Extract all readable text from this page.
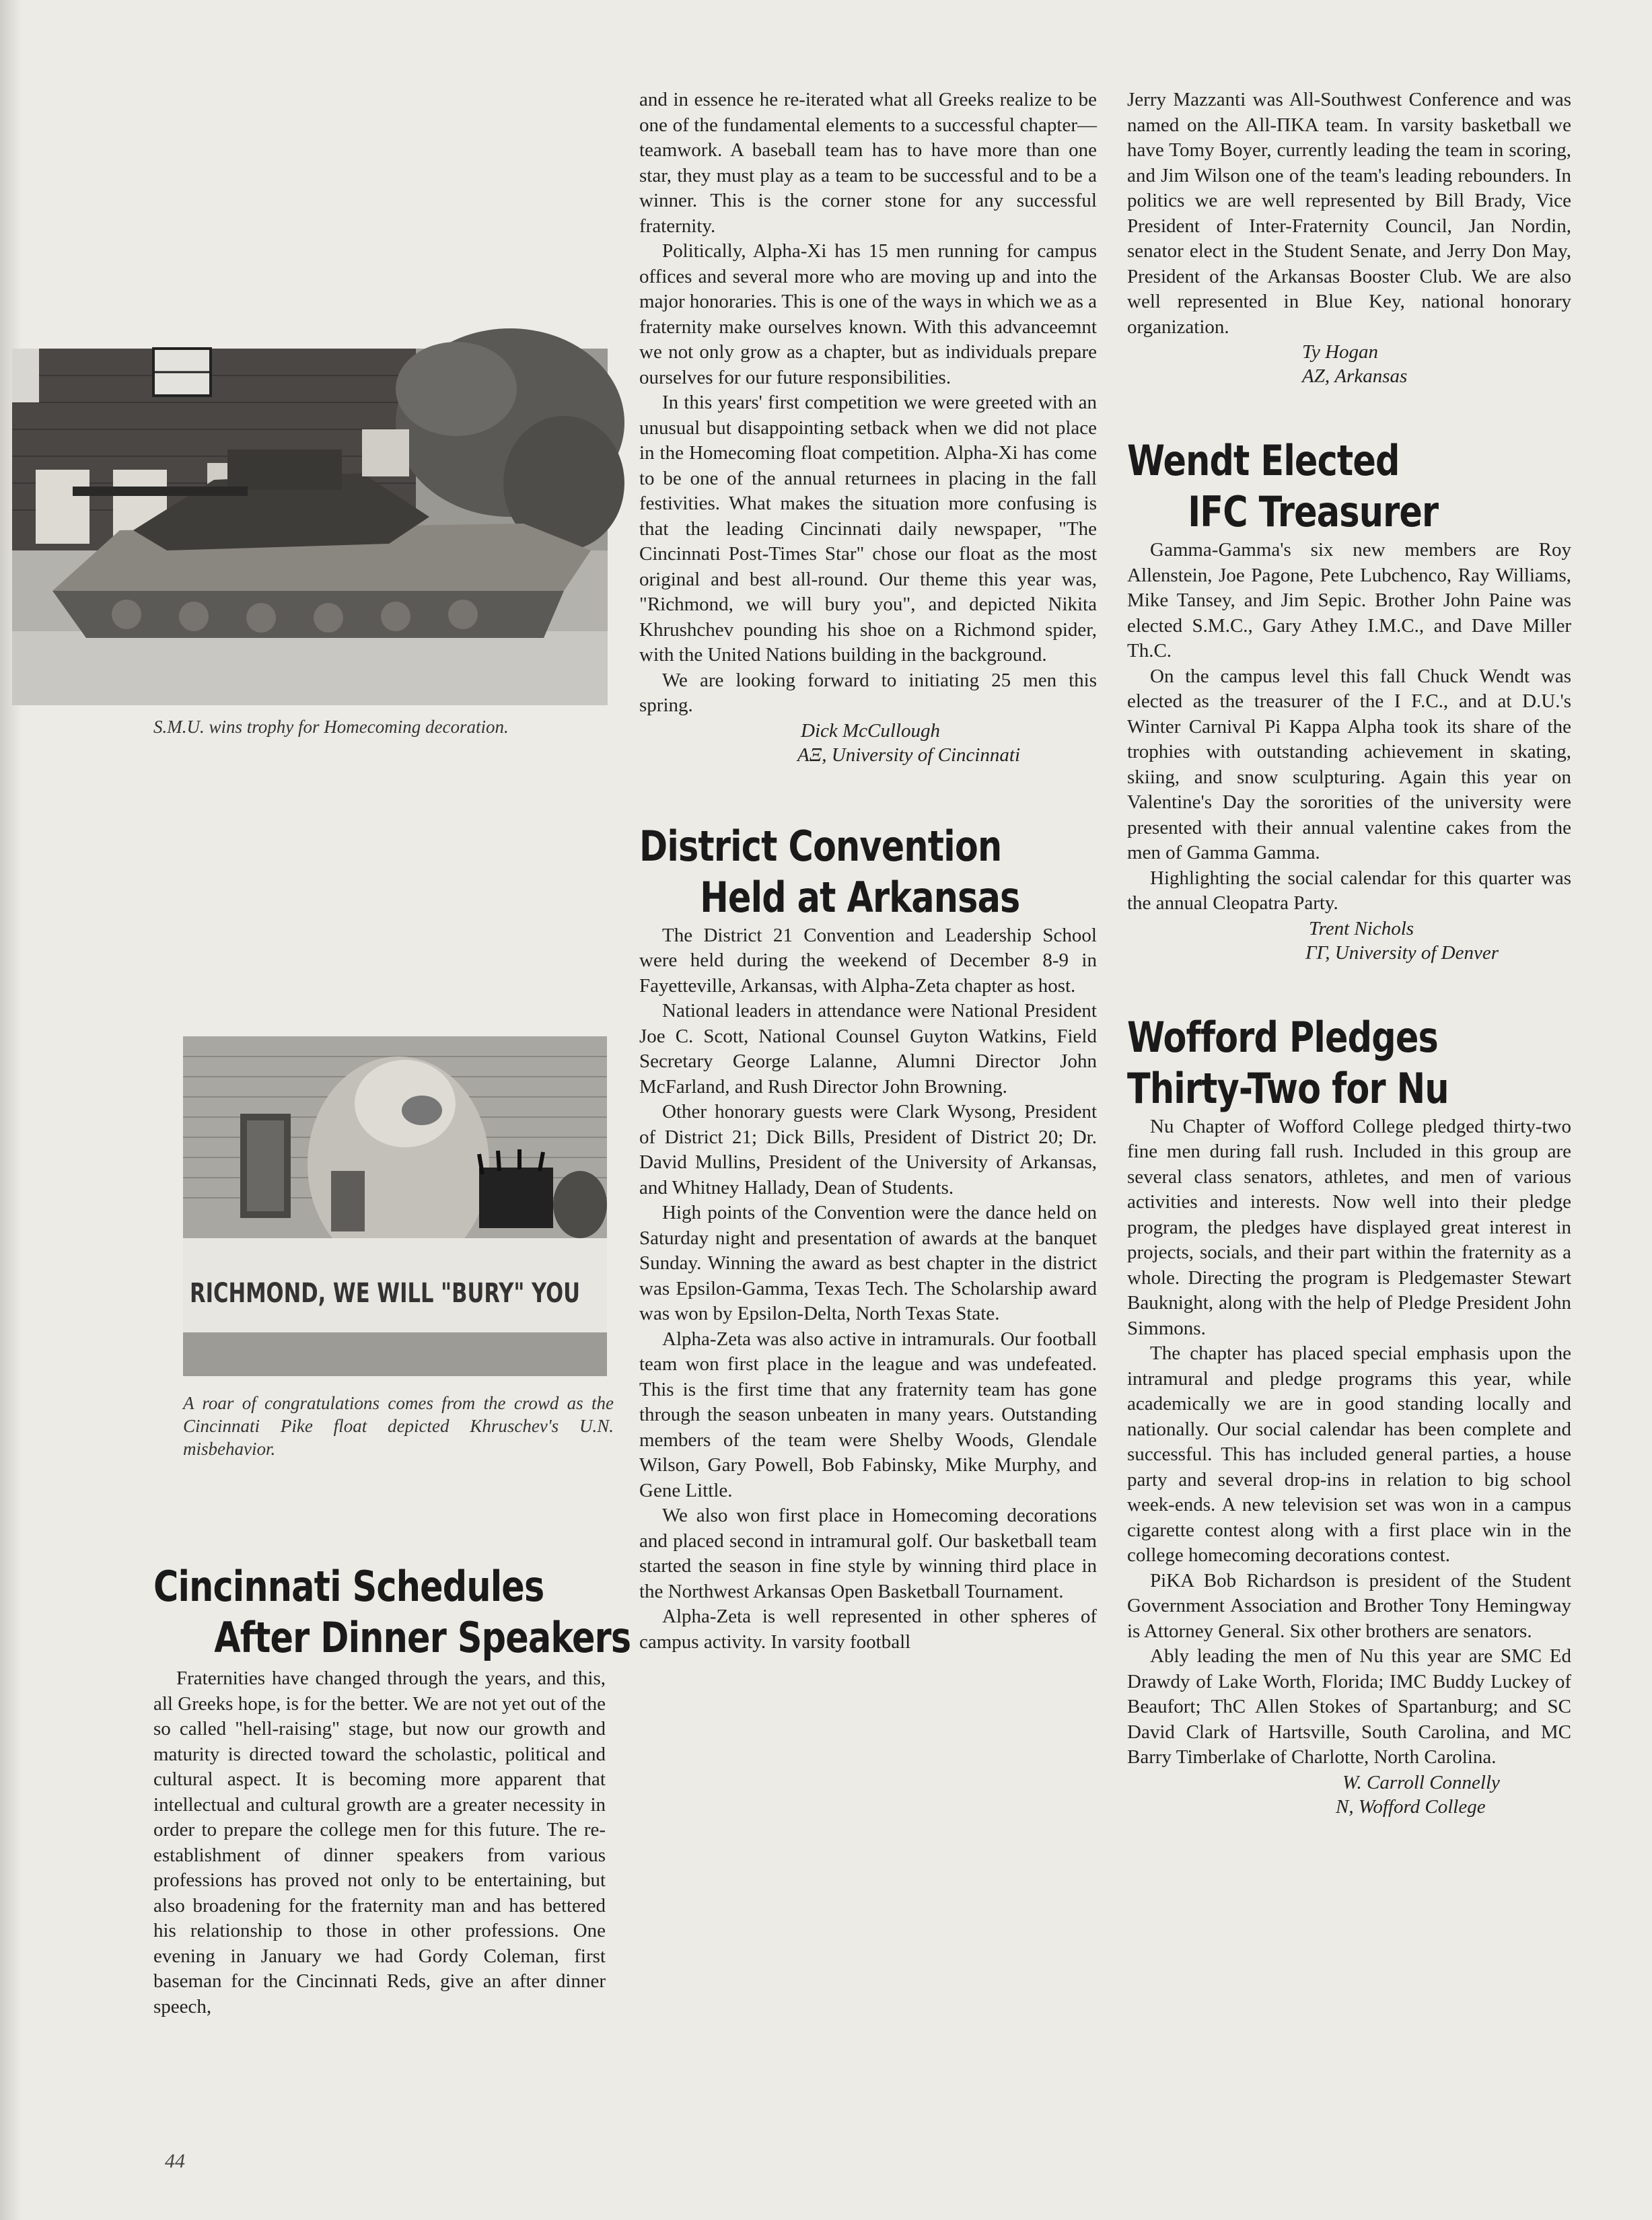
S.M.U. wins trophy for Homecoming decoration.

RICHMOND, WE WILL "BURY" YOU

A roar of congratulations comes from the crowd as the Cincinnati Pike float depicted Khruschev's U.N. misbehavior.

Cincinnati Schedules
After Dinner Speakers

Fraternities have changed through the years, and this, all Greeks hope, is for the better. We are not yet out of the so called "hell-raising" stage, but now our growth and maturity is directed toward the scholastic, political and cultural aspect. It is becoming more apparent that intellectual and cultural growth are a greater necessity in order to prepare the college men for this future. The re-establishment of dinner speakers from various professions has proved not only to be entertaining, but also broadening for the fraternity man and has bettered his relationship to those in other professions. One evening in January we had Gordy Coleman, first baseman for the Cincinnati Reds, give an after dinner speech,

and in essence he re-iterated what all Greeks realize to be one of the fundamental elements to a successful chapter—teamwork. A baseball team has to have more than one star, they must play as a team to be successful and to be a winner. This is the corner stone for any successful fraternity.

Politically, Alpha-Xi has 15 men running for campus offices and several more who are moving up and into the major honoraries. This is one of the ways in which we as a fraternity make ourselves known. With this advanceemnt we not only grow as a chapter, but as individuals prepare ourselves for our future responsibilities.

In this years' first competition we were greeted with an unusual but disappointing setback when we did not place in the Homecoming float competition. Alpha-Xi has come to be one of the annual returnees in placing in the fall festivities. What makes the situation more confusing is that the leading Cincinnati daily newspaper, "The Cincinnati Post-Times Star" chose our float as the most original and best all-round. Our theme this year was, "Richmond, we will bury you", and depicted Nikita Khrushchev pounding his shoe on a Richmond spider, with the United Nations building in the background.

We are looking forward to initiating 25 men this spring.

Dick McCullough

ΑΞ, University of Cincinnati

District Convention
Held at Arkansas

The District 21 Convention and Leadership School were held during the weekend of December 8-9 in Fayetteville, Arkansas, with Alpha-Zeta chapter as host.

National leaders in attendance were National President Joe C. Scott, National Counsel Guyton Watkins, Field Secretary George Lalanne, Alumni Director John McFarland, and Rush Director John Browning.

Other honorary guests were Clark Wysong, President of District 21; Dick Bills, President of District 20; Dr. David Mullins, President of the University of Arkansas, and Whitney Hallady, Dean of Students.

High points of the Convention were the dance held on Saturday night and presentation of awards at the banquet Sunday. Winning the award as best chapter in the district was Epsilon-Gamma, Texas Tech. The Scholarship award was won by Epsilon-Delta, North Texas State.

Alpha-Zeta was also active in intramurals. Our football team won first place in the league and was undefeated. This is the first time that any fraternity team has gone through the season unbeaten in many years. Outstanding members of the team were Shelby Woods, Glendale Wilson, Gary Powell, Bob Fabinsky, Mike Murphy, and Gene Little.

We also won first place in Homecoming decorations and placed second in intramural golf. Our basketball team started the season in fine style by winning third place in the Northwest Arkansas Open Basketball Tournament.

Alpha-Zeta is well represented in other spheres of campus activity. In varsity football

Jerry Mazzanti was All-Southwest Conference and was named on the All-ΠΚΑ team. In varsity basketball we have Tomy Boyer, currently leading the team in scoring, and Jim Wilson one of the team's leading rebounders. In politics we are well represented by Bill Brady, Vice President of Inter-Fraternity Council, Jan Nordin, senator elect in the Student Senate, and Jerry Don May, President of the Arkansas Booster Club. We are also well represented in Blue Key, national honorary organization.

Ty Hogan

ΑΖ, Arkansas

Wendt Elected
IFC Treasurer

Gamma-Gamma's six new members are Roy Allenstein, Joe Pagone, Pete Lubchenco, Ray Williams, Mike Tansey, and Jim Sepic. Brother John Paine was elected S.M.C., Gary Athey I.M.C., and Dave Miller Th.C.

On the campus level this fall Chuck Wendt was elected as the treasurer of the I F.C., and at D.U.'s Winter Carnival Pi Kappa Alpha took its share of the trophies with outstanding achievement in skating, skiing, and snow sculpturing. Again this year on Valentine's Day the sororities of the university were presented with their annual valentine cakes from the men of Gamma Gamma.

Highlighting the social calendar for this quarter was the annual Cleopatra Party.

Trent Nichols

ΓΓ, University of Denver

Wofford Pledges
Thirty-Two for Nu

Nu Chapter of Wofford College pledged thirty-two fine men during fall rush. Included in this group are several class senators, athletes, and men of various activities and interests. Now well into their pledge program, the pledges have displayed great interest in projects, socials, and their part within the fraternity as a whole. Directing the program is Pledgemaster Stewart Bauknight, along with the help of Pledge President John Simmons.

The chapter has placed special emphasis upon the intramural and pledge programs this year, while academically we are in good standing locally and nationally. Our social calendar has been complete and successful. This has included general parties, a house party and several drop-ins in relation to big school week-ends. A new television set was won in a campus cigarette contest along with a first place win in the college homecoming decorations contest.

PiKA Bob Richardson is president of the Student Government Association and Brother Tony Hemingway is Attorney General. Six other brothers are senators.

Ably leading the men of Nu this year are SMC Ed Drawdy of Lake Worth, Florida; IMC Buddy Luckey of Beaufort; ThC Allen Stokes of Spartanburg; and SC David Clark of Hartsville, South Carolina, and MC Barry Timberlake of Charlotte, North Carolina.

W. Carroll Connelly

N, Wofford College

44
